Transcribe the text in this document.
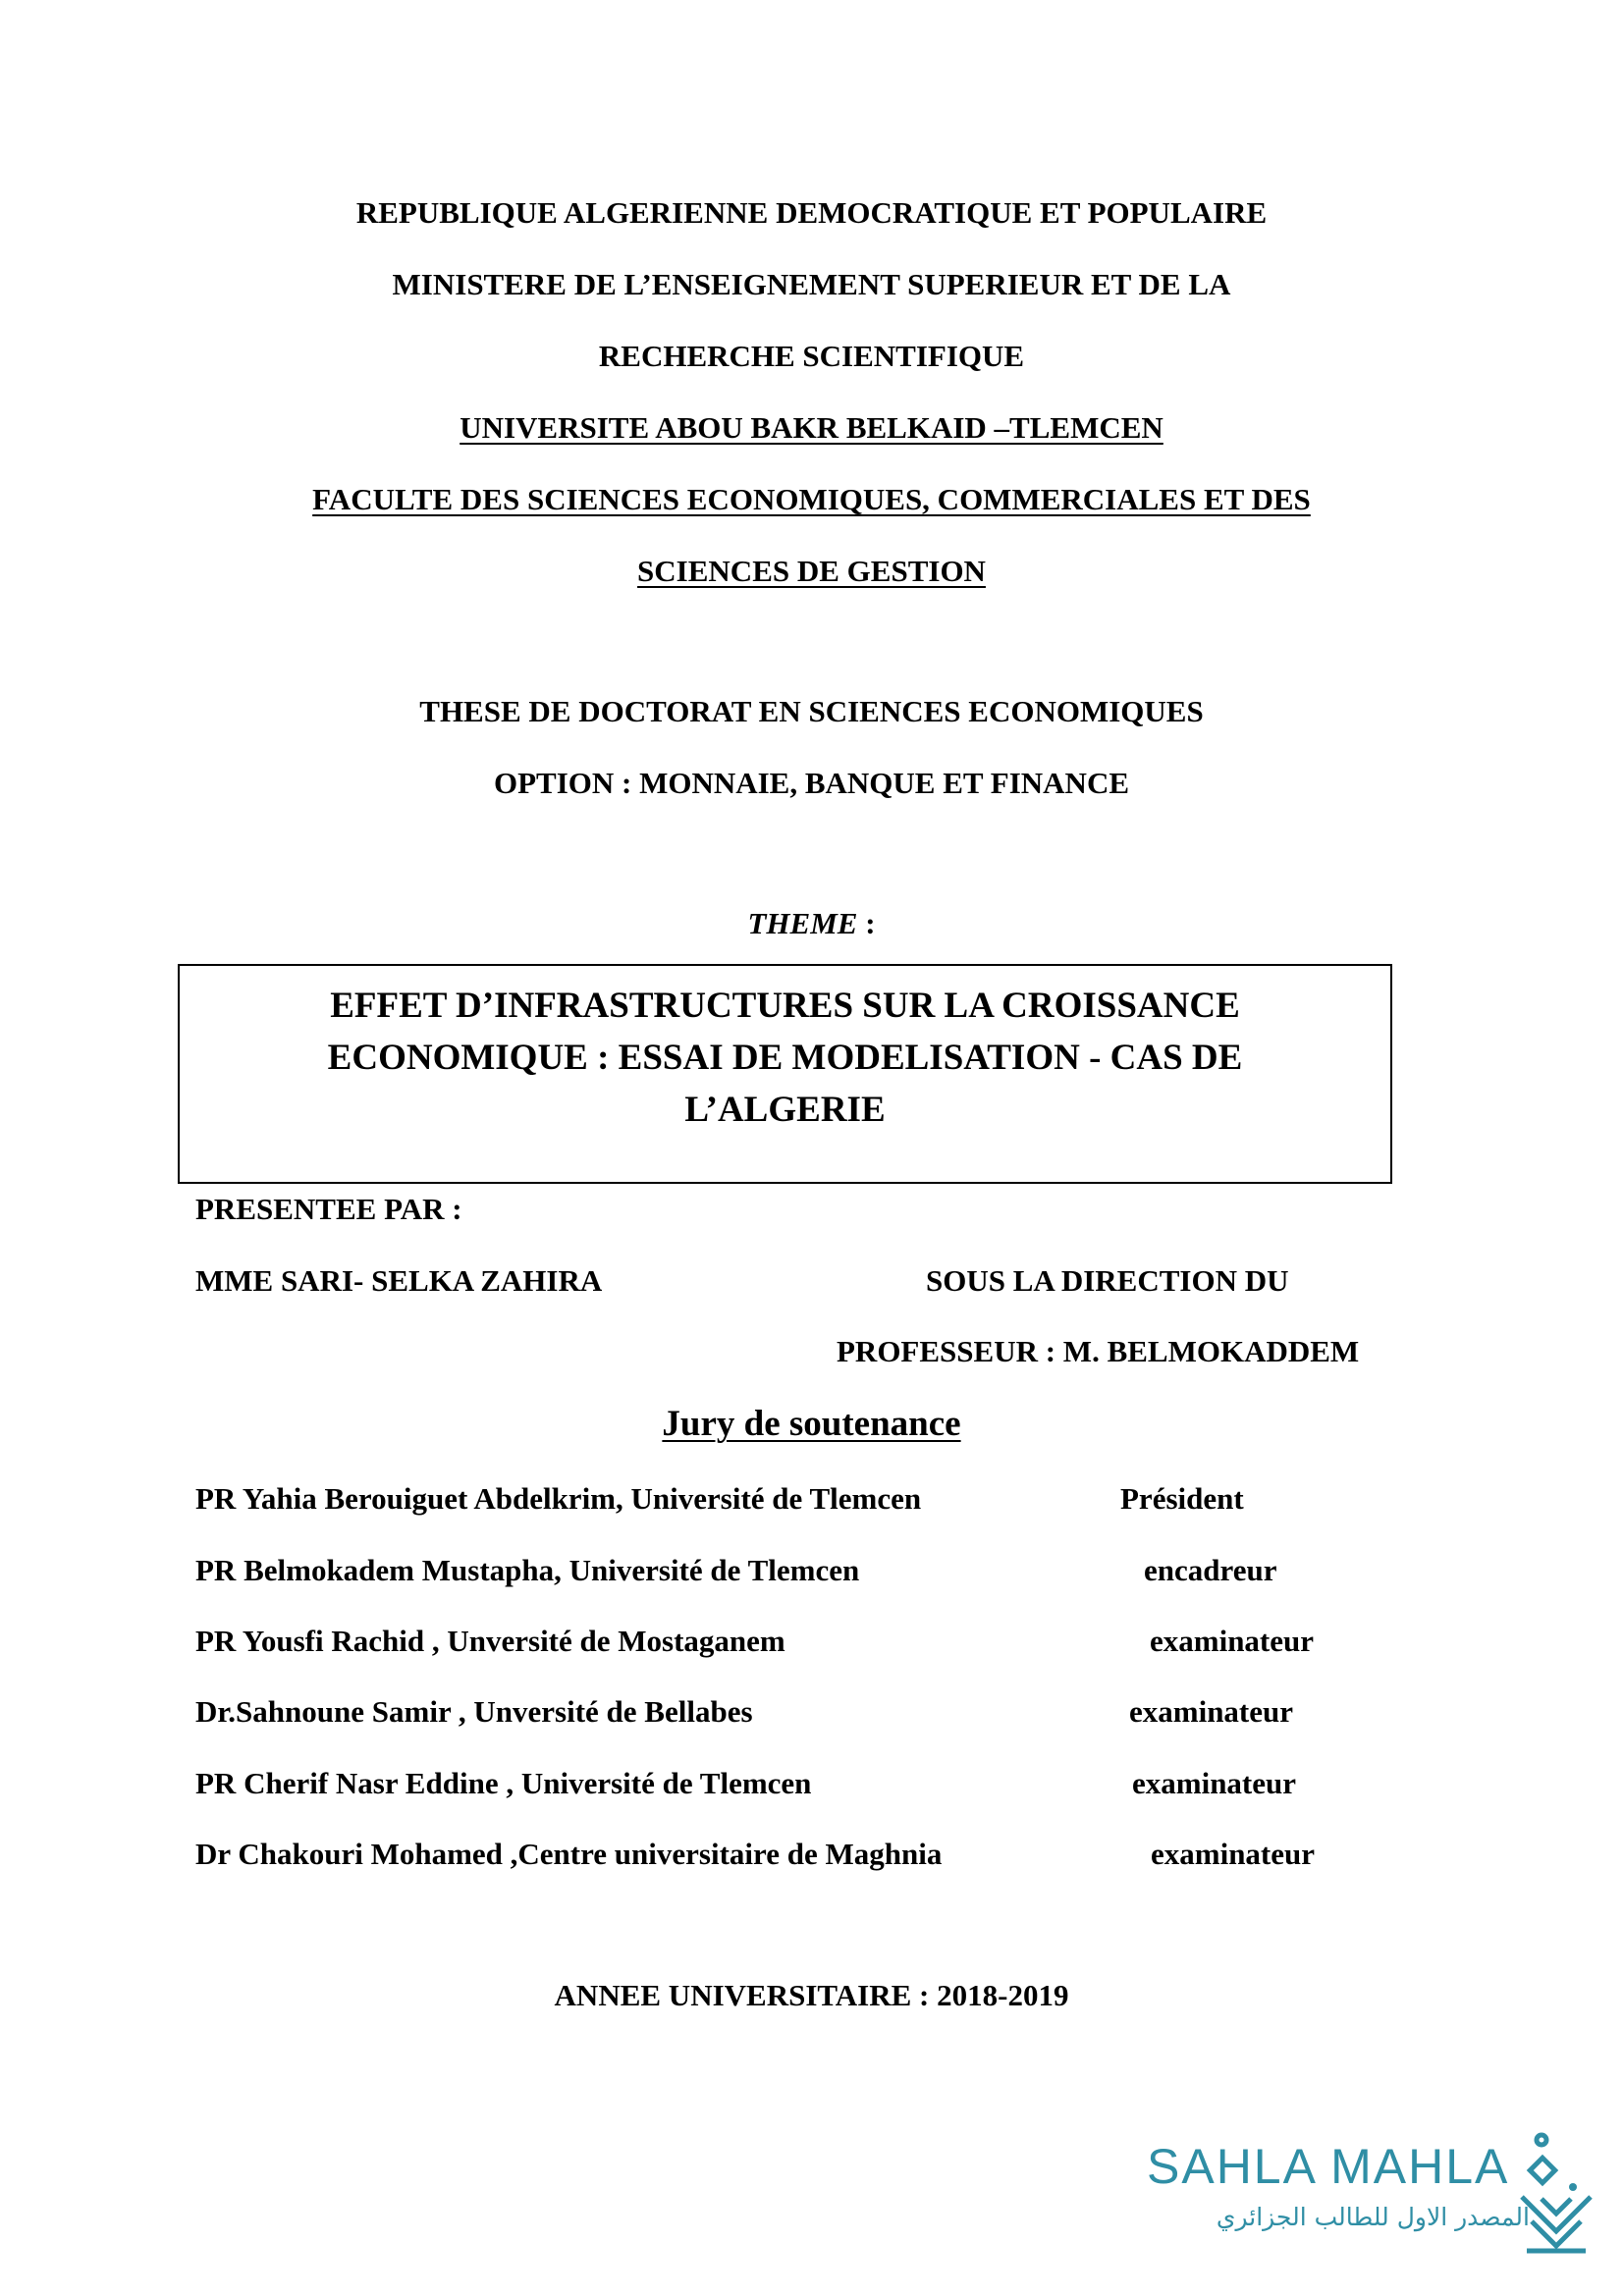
REPUBLIQUE ALGERIENNE DEMOCRATIQUE ET POPULAIRE
MINISTERE DE L’ENSEIGNEMENT SUPERIEUR ET DE LA
RECHERCHE SCIENTIFIQUE
UNIVERSITE ABOU BAKR BELKAID –TLEMCEN
FACULTE DES SCIENCES ECONOMIQUES, COMMERCIALES ET DES
SCIENCES DE GESTION
THESE DE DOCTORAT EN SCIENCES ECONOMIQUES
OPTION : MONNAIE, BANQUE ET FINANCE
THEME :
EFFET D’INFRASTRUCTURES SUR LA CROISSANCE
ECONOMIQUE : ESSAI DE MODELISATION - CAS DE
L’ALGERIE
PRESENTEE PAR :
MME SARI- SELKA ZAHIRA	SOUS LA DIRECTION DU
PROFESSEUR : M. BELMOKADDEM
Jury de soutenance
PR Yahia Berouiguet Abdelkrim, Université de Tlemcen	Président
PR Belmokadem Mustapha, Université de Tlemcen	encadreur
PR Yousfi Rachid , Unversité de Mostaganem	examinateur
Dr.Sahnoune Samir , Unversité de Bellabes	examinateur
PR Cherif Nasr Eddine , Université de Tlemcen	examinateur
Dr Chakouri Mohamed ,Centre universitaire de Maghnia	examinateur
ANNEE UNIVERSITAIRE : 2018-2019
SAHLA MAHLA
المصدر الاول للطالب الجزائري
